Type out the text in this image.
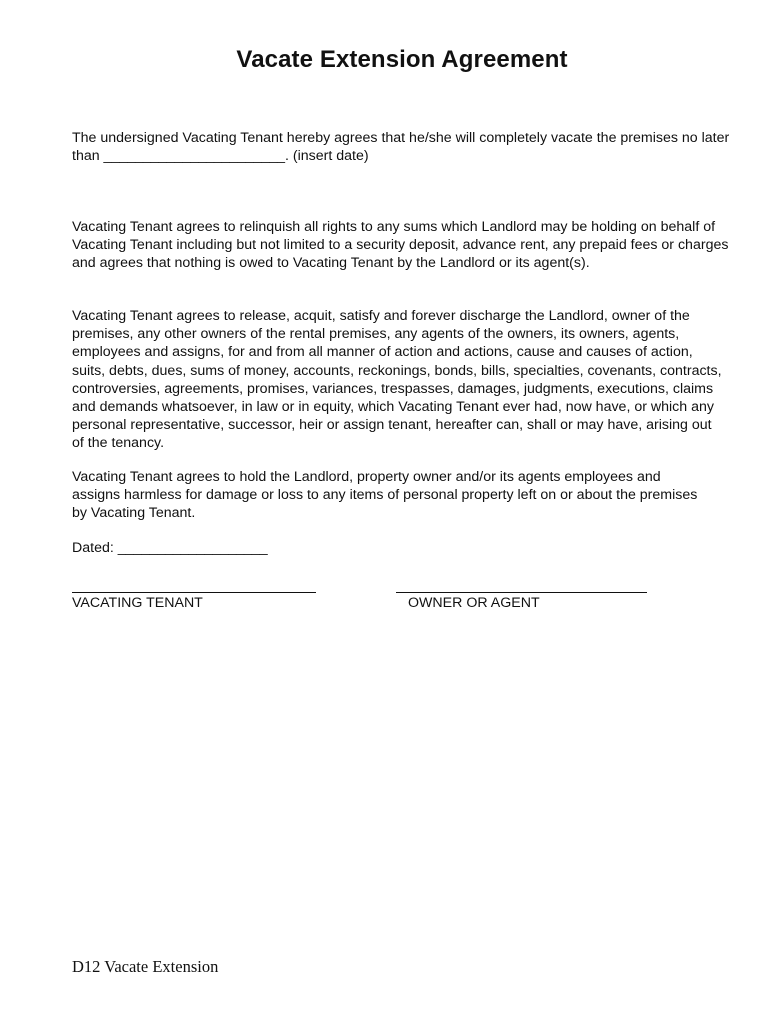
Vacate Extension Agreement

The undersigned Vacating Tenant hereby agrees that he/she will completely vacate the premises no later than _______________________. (insert date)

Vacating Tenant agrees to relinquish all rights to any sums which Landlord may be holding on behalf of Vacating Tenant including but not limited to a security deposit, advance rent, any prepaid fees or charges and agrees that nothing is owed to Vacating Tenant by the Landlord or its agent(s).

Vacating Tenant agrees to release, acquit, satisfy and forever discharge the Landlord, owner of the premises, any other owners of the rental premises, any agents of the owners, its owners, agents, employees and assigns, for and from all manner of action and actions, cause and causes of action, suits, debts, dues, sums of money, accounts, reckonings, bonds, bills, specialties, covenants, contracts, controversies, agreements, promises, variances, trespasses, damages, judgments, executions, claims and demands whatsoever, in law or in equity, which Vacating Tenant ever had, now have, or which any personal representative, successor, heir or assign tenant, hereafter can, shall or may have, arising out of the tenancy.

Vacating Tenant agrees to hold the Landlord, property owner and/or its agents employees and assigns harmless for damage or loss to any items of personal property left on or about the premises by Vacating Tenant.

Dated: ___________________

VACATING TENANT	OWNER OR AGENT
D12 Vacate Extension
